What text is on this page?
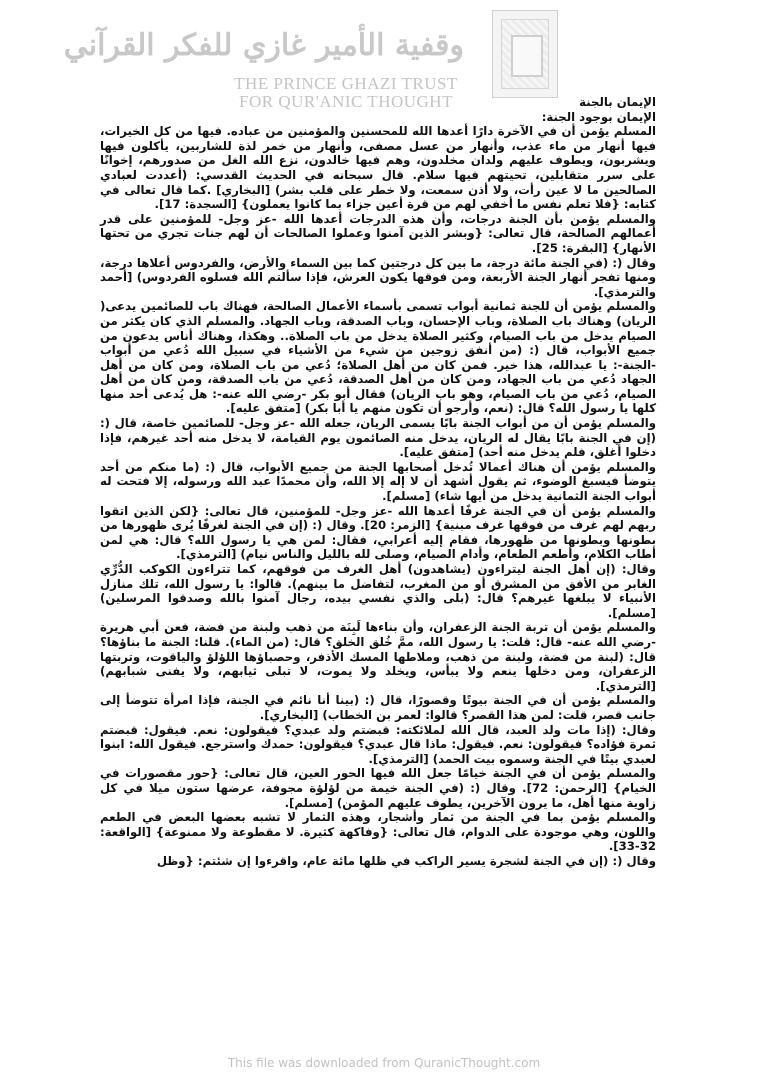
وقفية الأمير غازي للفكر القرآني
THE PRINCE GHAZI TRUST
FOR QUR'ANIC THOUGHT	الإيمان بالجنة

الإيمان بوجود الجنة:

المسلم يؤمن أن في الآخرة دارًا أعدها الله للمحسنين والمؤمنين من عباده. فيها من كل الخيرات، فيها أنهار من ماء عذب، وأنهار من عسل مصفى، وأنهار من خمر لذة للشاربين، يأكلون فيها ويشربون، ويطوف عليهم ولدان مخلدون، وهم فيها خالدون، نزع الله الغل من صدورهم، إخوانًا على سرر متقابلين، تحيتهم فيها سلام. قال سبحانه في الحديث القدسي: (أعددت لعبادي الصالحين ما لا عين رأت، ولا أذن سمعت، ولا خطر على قلب بشر) [البخاري] .كما قال تعالى في كتابه: {فلا تعلم نفس ما أخفي لهم من قرة أعين جزاء بما كانوا يعملون} [السجدة: 17].

والمسلم يؤمن بأن الجنة درجات، وأن هذه الدرجات أعدها الله -عز وجل- للمؤمنين على قدر أعمالهم الصالحة، قال تعالى: {وبشر الذين آمنوا وعملوا الصالحات أن لهم جنات تجري من تحتها الأنهار} [البقرة: 25].

وقال (: (في الجنة مائة درجة، ما بين كل درجتين كما بين السماء والأرض، والفردوس أعلاها درجة، ومنها تفجر أنهار الجنة الأربعة، ومن فوقها يكون العرش، فإذا سألتم الله فسلوه الفردوس) [أحمد والترمذي].

والمسلم يؤمن أن للجنة ثمانية أبواب تسمى بأسماء الأعمال الصالحة، فهناك باب للصائمين يدعى( الريان) وهناك باب الصلاة، وباب الإحسان، وباب الصدقة، وباب الجهاد. والمسلم الذي كان يكثر من الصيام يدخل من باب الصيام، وكثير الصلاة يدخل من باب الصلاة.. وهكذا، وهناك أناس يدعون من جميع الأبواب، قال (: (من أنفق زوجين من شيء من الأشياء في سبيل الله دُعي من أبواب -الجنة-: يا عبدالله، هذا خير. فمن كان من أهل الصلاة؛ دُعي من باب الصلاة، ومن كان من أهل الجهاد دُعي من باب الجهاد، ومن كان من أهل الصدقة، دُعي من باب الصدقة، ومن كان من أهل الصيام، دُعي من باب الصيام، وهو باب الريان) فقال أبو بكر -رضي الله عنه-: هل يُدعى أحد منها كلها يا رسول الله؟ قال: (نعم، وأرجو أن تكون منهم يا أبا بكر) [متفق عليه].

والمسلم يؤمن أن من أبواب الجنة بابًا يسمى الريان، جعله الله -عز وجل- للصائمين خاصة، قال (: (إن في الجنة بابًا يقال له الريان، يدخل منه الصائمون يوم القيامة، لا يدخل منه أحد غيرهم، فإذا دخلوا أغلق، فلم يدخل منه أحد) [متفق عليه].

والمسلم يؤمن أن هناك أعمالا تُدخل أصحابها الجنة من جميع الأبواب، قال (: (ما منكم من أحد يتوضأ فيسبغ الوضوء، ثم يقول أشهد أن لا إله إلا الله، وأن محمدًا عبد الله ورسوله، إلا فتحت له أبواب الجنة الثمانية يدخل من أيها شاء) [مسلم].

والمسلم يؤمن أن في الجنة غرفًا أعدها الله -عز وجل- للمؤمنين، قال تعالى: {لكن الذين اتقوا ربهم لهم غرف من فوقها غرف مبنية} [الزمر: 20]. وقال (: (إن في الجنة لغرفًا يُرى ظهورها من بطونها وبطونها من ظهورها، فقام إليه أعرابي، فقال: لمن هي يا رسول الله؟ قال: هي لمن أطاب الكلام، وأطعم الطعام، وأدام الصيام، وصلى لله بالليل والناس نيام) [الترمذي].

وقال: (إن أهل الجنة ليتراءون (يشاهدون) أهل الغرف من فوقهم، كما تتراءون الكوكب الدُّرِّي الغابر من الأفق من المشرق أو من المغرب، لتفاضل ما بينهم). قالوا: يا رسول الله، تلك منازل الأنبياء لا يبلغها غيرهم؟ قال: (بلى والذي نفسي بيده، رجال آمنوا بالله وصدقوا المرسلين) [مسلم].

والمسلم يؤمن أن تربة الجنة الزعفران، وأن بناءها لَبِنَة من ذهب ولبنة من فضة، فعن أبي هريرة -رضي الله عنه- قال: قلت: يا رسول الله، ممَّ خُلق الخلق؟ قال: (من الماء). قلنا: الجنة ما بناؤها؟ قال: (لبنة من فضة، ولبنة من ذهب، وملاطها المسك الأذفر، وحصباؤها اللؤلؤ والياقوت، وتربتها الزعفران، ومن دخلها ينعم ولا يبأس، ويخلد ولا يموت، لا تبلى ثيابهم، ولا يفنى شبابهم) [الترمذي].

والمسلم يؤمن أن في الجنة بيوتًا وقصورًا، قال (: (بينا أنا نائم في الجنة، فإذا امرأة تتوضأ إلى جانب قصر، قلت: لمن هذا القصر؟ قالوا: لعمر بن الخطاب) [البخاري].

وقال: (إذا مات ولد العبد، قال الله لملائكته: قبضتم ولد عبدي؟ فيقولون: نعم. فيقول: قبضتم ثمرة فؤاده؟ فيقولون: نعم. فيقول: ماذا قال عبدي؟ فيقولون: حمدك واسترجع. فيقول الله: ابنوا لعبدي بيتًا في الجنة وسموه بيت الحمد) [الترمذي].

والمسلم يؤمن أن في الجنة خيامًا جعل الله فيها الحور العين، قال تعالى: {حور مقصورات في الخيام} [الرحمن: 72]. وقال (: (في الجنة خيمة من لؤلؤة مجوفة، عرضها ستون ميلا في كل زاوية منها أهل، ما يرون الآخرين، يطوف عليهم المؤمن) [مسلم].

والمسلم يؤمن بما في الجنة من ثمار وأشجار، وهذه الثمار لا تشبه بعضها البعض في الطعم واللون، وهي موجودة على الدوام، قال تعالى: {وفاكهة كثيرة. لا مقطوعة ولا ممنوعة} [الواقعة: 32-33].

وقال (: (إن في الجنة لشجرة يسير الراكب في ظلها مائة عام، واقرءوا إن شئتم: {وظل

This file was downloaded from QuranicThought.com
